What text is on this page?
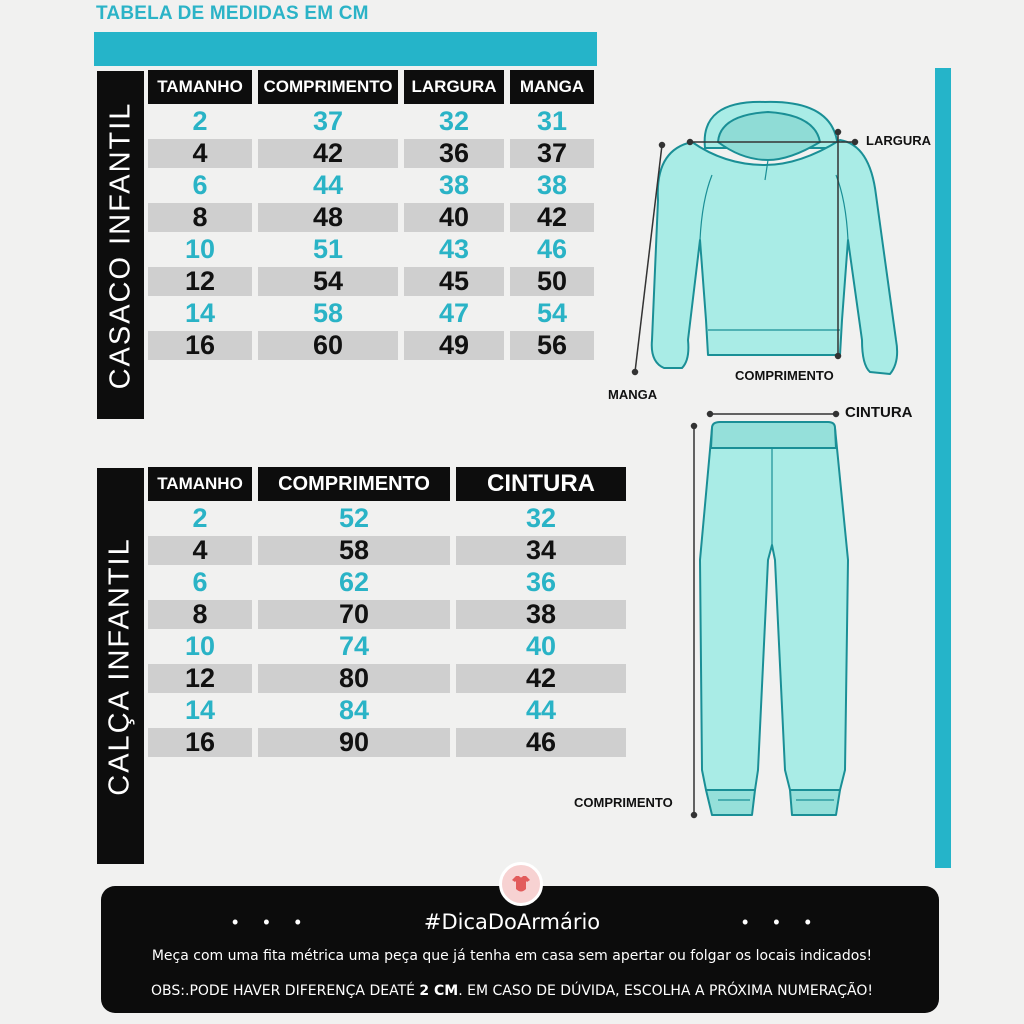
TABELA DE MEDIDAS EM CM
CASACO INFANTIL
CALÇA INFANTIL
TAMANHO	COMPRIMENTO	LARGURA	MANGA
2	37	32	31
4	42	36	37
6	44	38	38
8	48	40	42
10	51	43	46
12	54	45	50
14	58	47	54
16	60	49	56
TAMANHO	COMPRIMENTO	CINTURA
2	52	32
4	58	34
6	62	36
8	70	38
10	74	40
12	80	42
14	84	44
16	90	46
LARGURA
COMPRIMENTO
MANGA
CINTURA
COMPRIMENTO
• • •	• • •
#DicaDoArmário
Meça com uma fita métrica uma peça que já tenha em casa sem apertar ou folgar os locais indicados!
OBS:.PODE HAVER DIFERENÇA DEATÉ 2 CM. EM CASO DE DÚVIDA, ESCOLHA A PRÓXIMA NUMERAÇÃO!
